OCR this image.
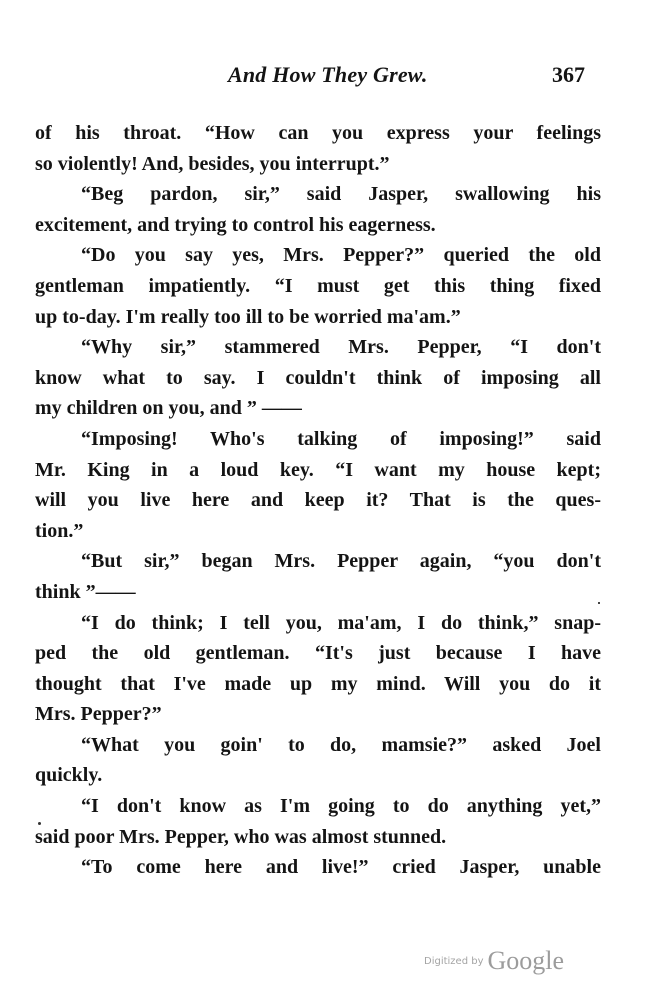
And How They Grew.	367
of his throat. “How can you express your feelings
so violently! And, besides, you interrupt.”
“Beg pardon, sir,” said Jasper, swallowing his
excitement, and trying to control his eagerness.
“Do you say yes, Mrs. Pepper?” queried the old
gentleman impatiently. “I must get this thing fixed
up to-day. I'm really too ill to be worried ma'am.”
“Why sir,” stammered Mrs. Pepper, “I don't
know what to say. I couldn't think of imposing all
my children on you, and ” ——
“Imposing! Who's talking of imposing!” said
Mr. King in a loud key. “I want my house kept;
will you live here and keep it? That is the ques-
tion.”
“But sir,” began Mrs. Pepper again, “you don't
think ”——
“I do think; I tell you, ma'am, I do think,” snap-
ped the old gentleman. “It's just because I have
thought that I've made up my mind. Will you do it
Mrs. Pepper?”
“What you goin' to do, mamsie?” asked Joel
quickly.
“I don't know as I'm going to do anything yet,”
said poor Mrs. Pepper, who was almost stunned.
“To come here and live!” cried Jasper, unable
Digitized by Google
